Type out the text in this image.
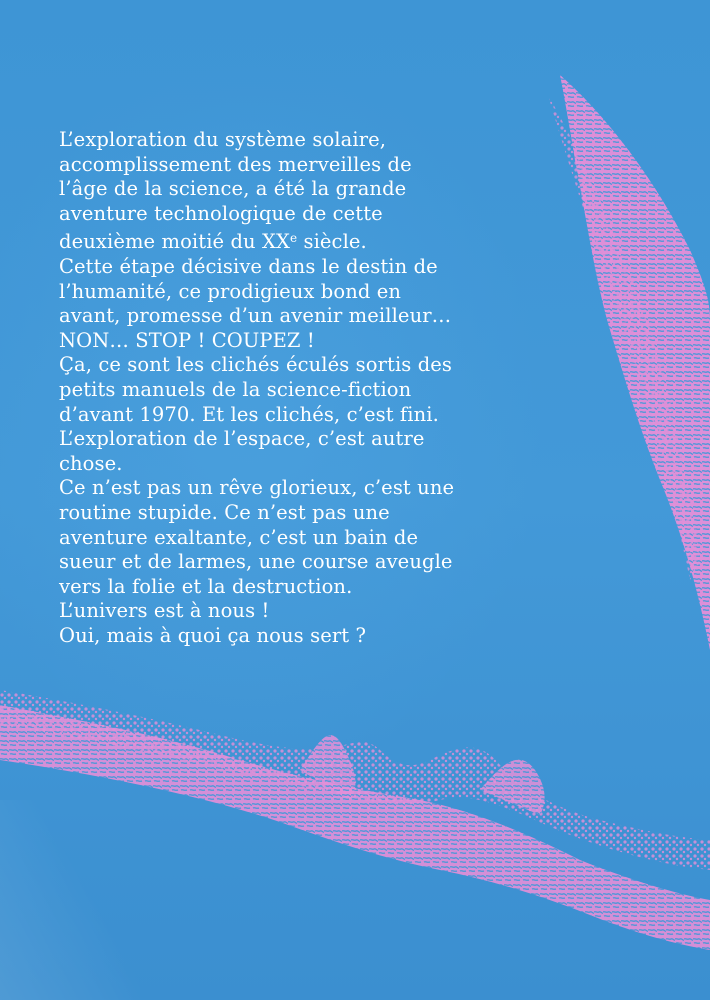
L’exploration du système solaire,
accomplissement des merveilles de
l’âge de la science, a été la grande
aventure technologique de cette
deuxième moitié du XXe siècle.
Cette étape décisive dans le destin de
l’humanité, ce prodigieux bond en
avant, promesse d’un avenir meilleur…
NON… STOP ! COUPEZ !
Ça, ce sont les clichés éculés sortis des
petits manuels de la science-fiction
d’avant 1970. Et les clichés, c’est fini.
L’exploration de l’espace, c’est autre
chose.
Ce n’est pas un rêve glorieux, c’est une
routine stupide. Ce n’est pas une
aventure exaltante, c’est un bain de
sueur et de larmes, une course aveugle
vers la folie et la destruction.
L’univers est à nous !
Oui, mais à quoi ça nous sert ?
